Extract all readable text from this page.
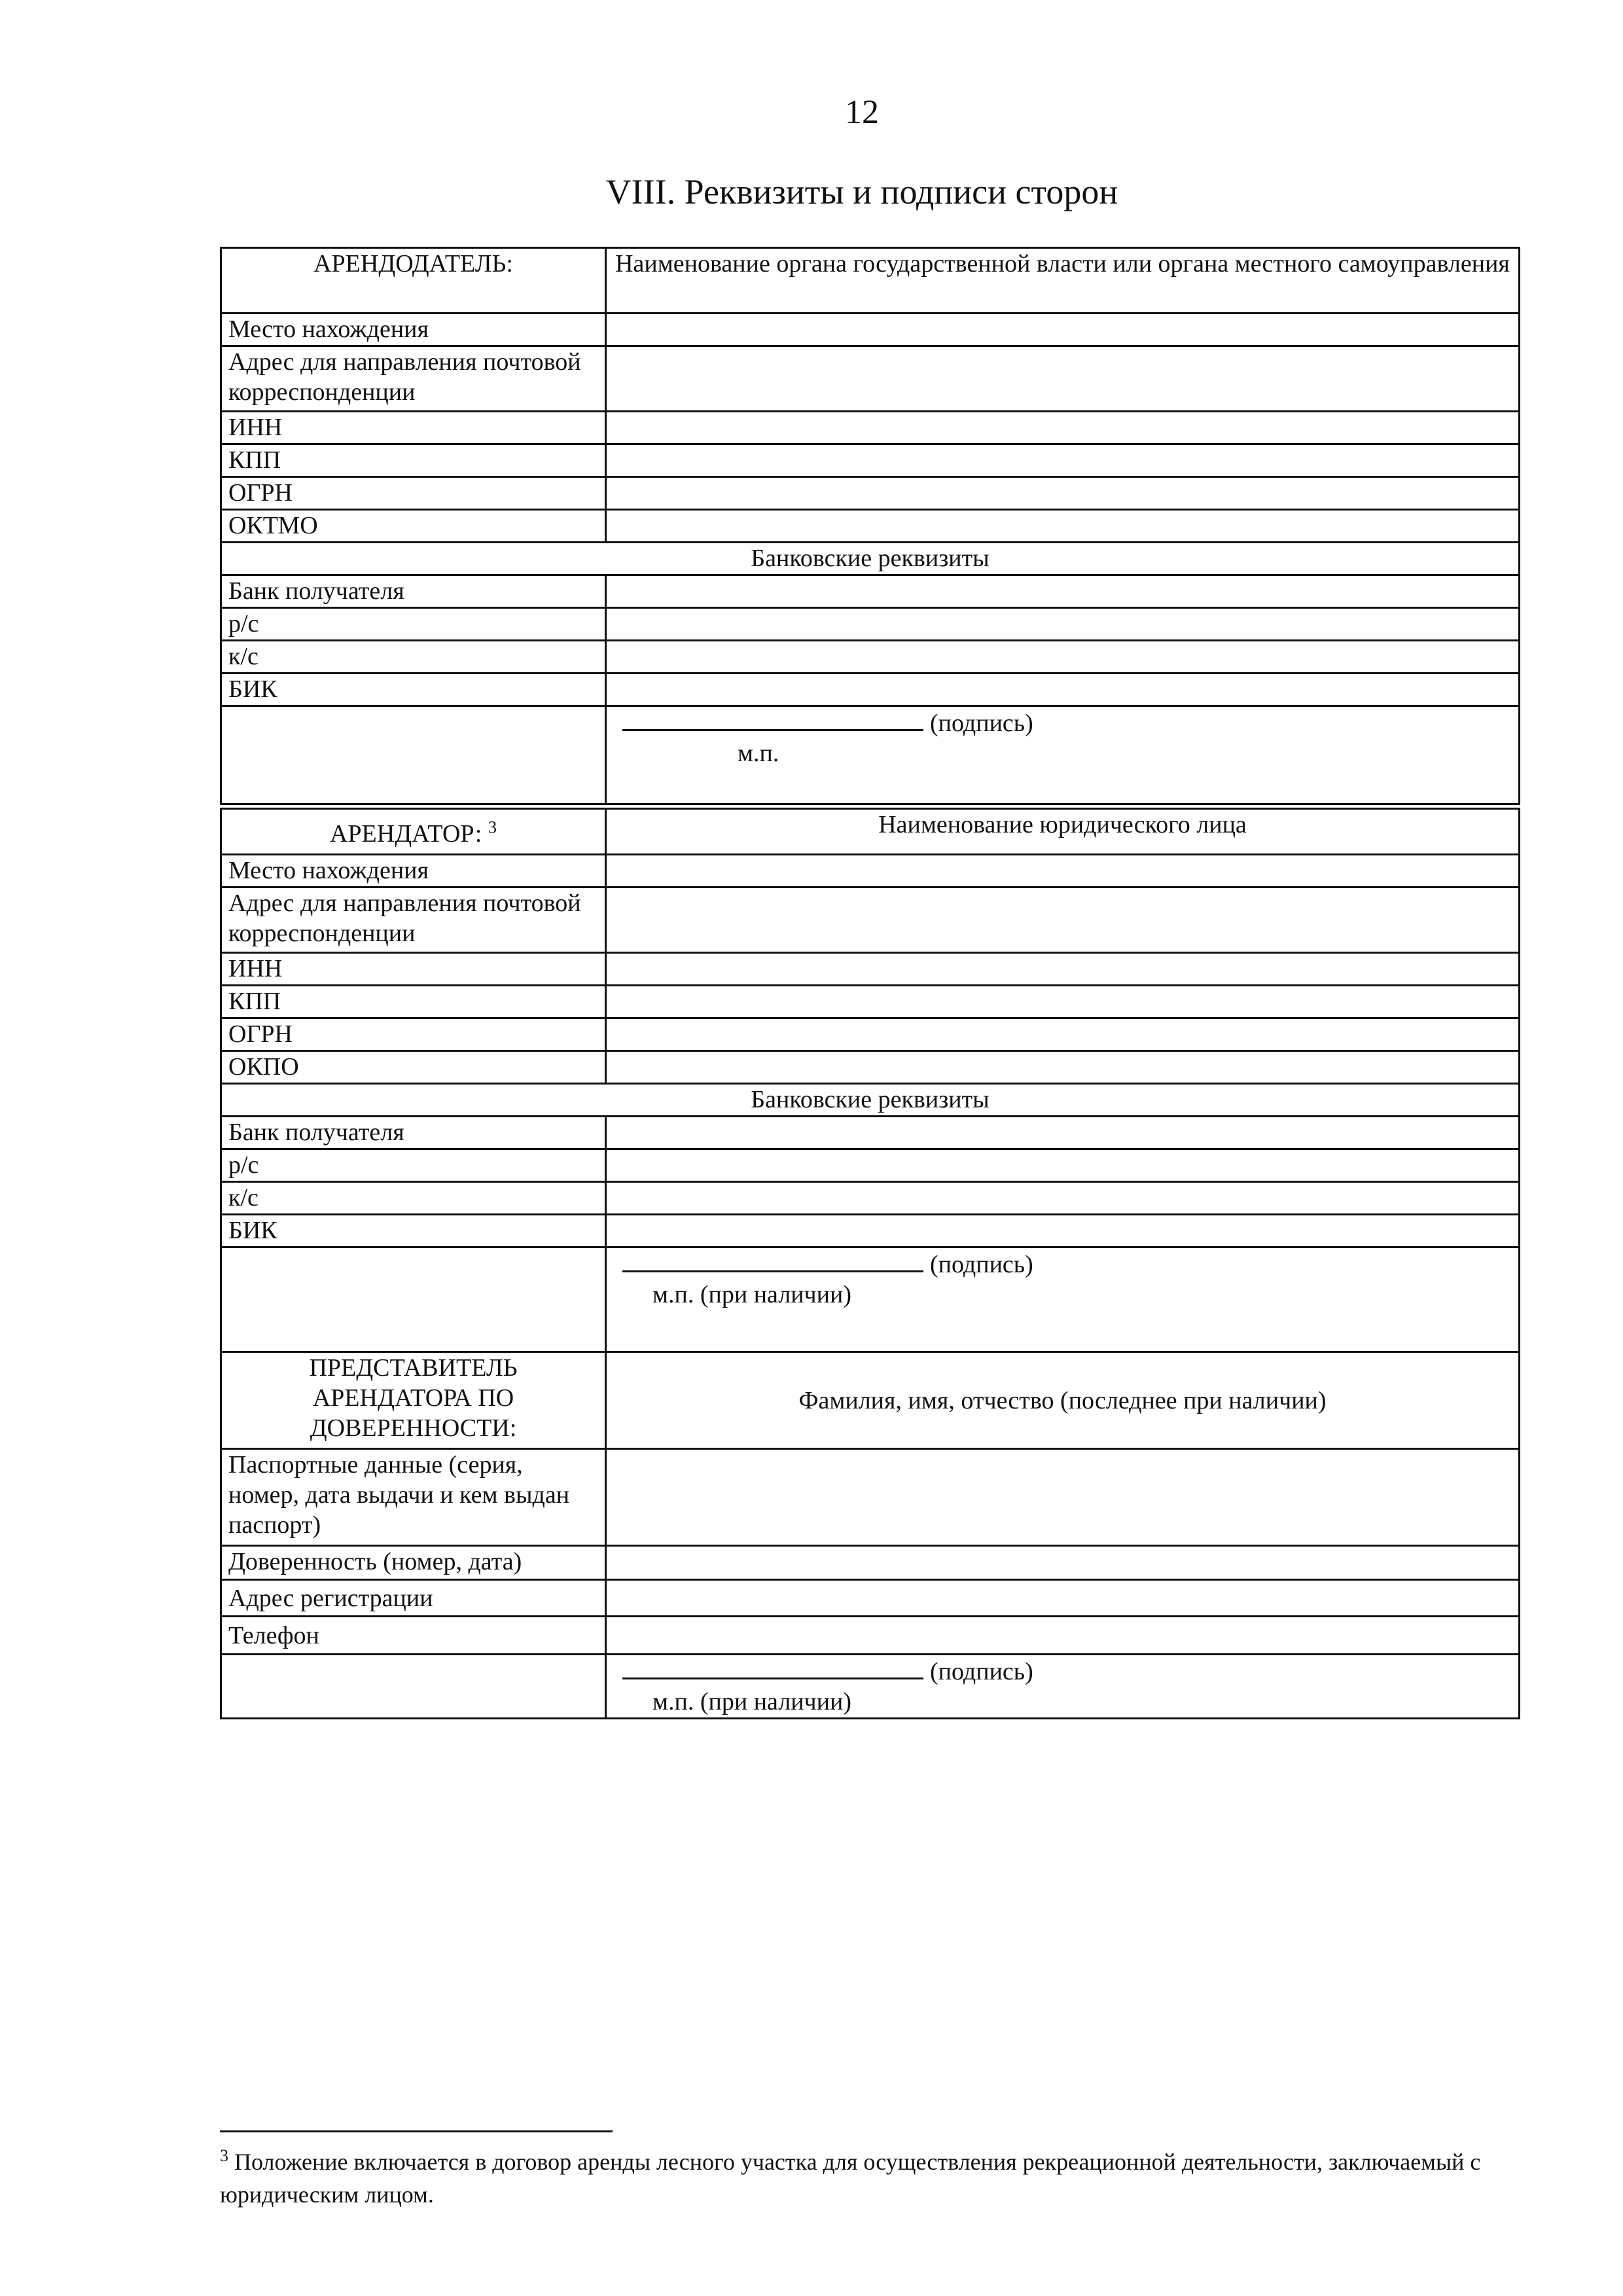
12
VIII. Реквизиты и подписи сторон
АРЕНДОДАТЕЛЬ:	Наименование органа государственной власти или органа местного самоуправления
Место нахождения	
Адрес для направления почтовой корреспонденции	
ИНН	
КПП	
ОГРН	
ОКТМО	
Банковские реквизиты	
Банк получателя	
р/с	
к/с	
БИК	
	(подпись)
м.п.
АРЕНДАТОР: $^3$	Наименование юридического лица
Место нахождения	
Адрес для направления почтовой корреспонденции	
ИНН	
КПП	
ОГРН	
ОКПО	
Банковские реквизиты	
Банк получателя	
р/с	
к/с	
БИК	
	(подпись)
м.п. (при наличии)

ПРЕДСТАВИТЕЛЬ АРЕНДАТОРА ПО ДОВЕРЕННОСТИ:	Фамилия, имя, отчество (последнее при наличии)
Паспортные данные (серия, номер, дата выдачи и кем выдан паспорт)	
Доверенность (номер, дата)	
Адрес регистрации	
Телефон	
	(подпись)
м.п. (при наличии)
$^3$ Положение включается в договор аренды лесного участка для осуществления рекреационной деятельности, заключаемый с юридическим лицом.
